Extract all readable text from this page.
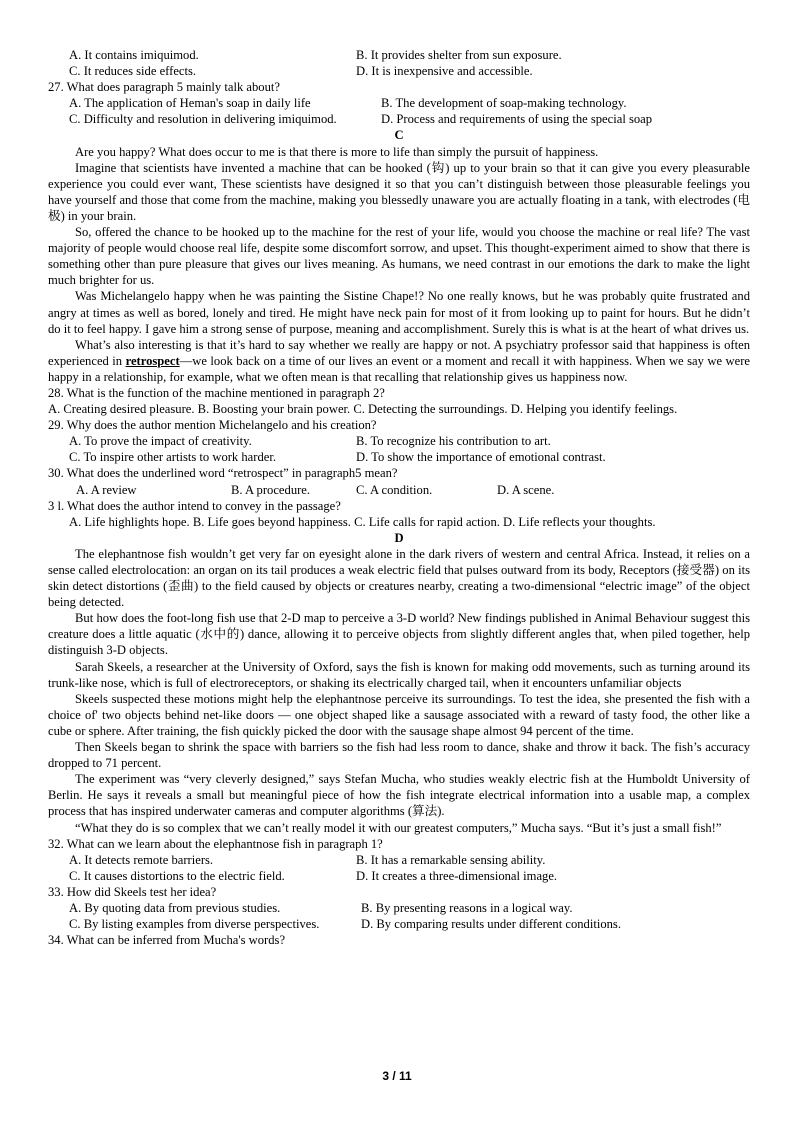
A. It contains imiquimod.	B. It provides shelter from sun exposure.
C. It reduces side effects.	D. It is inexpensive and accessible.
27. What does paragraph 5 mainly talk about?
A. The application of Heman's soap in daily life	B. The development of soap-making technology.
C. Difficulty and resolution in delivering imiquimod.	D. Process and requirements of using the special soap
C
Are you happy? What does occur to me is that there is more to life than simply the pursuit of happiness.
Imagine that scientists have invented a machine that can be hooked (钩) up to your brain so that it can give you every pleasurable experience you could ever want, These scientists have designed it so that you can’t distinguish between those pleasurable feelings you have yourself and those that come from the machine, making you blessedly unaware you are actually floating in a tank, with electrodes (电极) in your brain.
So, offered the chance to be hooked up to the machine for the rest of your life, would you choose the machine or real life? The vast majority of people would choose real life, despite some discomfort sorrow, and upset. This thought-experiment aimed to show that there is something other than pure pleasure that gives our lives meaning. As humans, we need contrast in our emotions the dark to make the light much brighter for us.
Was Michelangelo happy when he was painting the Sistine Chape!? No one really knows, but he was probably quite frustrated and angry at times as well as bored, lonely and tired. He might have neck pain for most of it from looking up to paint for hours. But he didn’t do it to feel happy. I gave him a strong sense of purpose, meaning and accomplishment. Surely this is what is at the heart of what drives us.
What’s also interesting is that it’s hard to say whether we really are happy or not. A psychiatry professor said that happiness is often experienced in retrospect—we look back on a time of our lives an event or a moment and recall it with happiness. When we say we were happy in a relationship, for example, what we often mean is that recalling that relationship gives us happiness now.
28. What is the function of the machine mentioned in paragraph 2?
A. Creating desired pleasure. B. Boosting your brain power. C. Detecting the surroundings. D. Helping you identify feelings.
29. Why does the author mention Michelangelo and his creation?
A. To prove the impact of creativity.	B. To recognize his contribution to art.
C. To inspire other artists to work harder.	D. To show the importance of emotional contrast.
30. What does the underlined word “retrospect” in paragraph5 mean?
A. A review	B. A procedure.	C. A condition.	D. A scene.
3 l. What does the author intend to convey in the passage?
A. Life highlights hope. B. Life goes beyond happiness. C. Life calls for rapid action. D. Life reflects your thoughts.
D
The elephantnose fish wouldn’t get very far on eyesight alone in the dark rivers of western and central Africa. Instead, it relies on a sense called electrolocation: an organ on its tail produces a weak electric field that pulses outward from its body, Receptors (接受器) on its skin detect distortions (歪曲) to the field caused by objects or creatures nearby, creating a two-dimensional “electric image” of the object being detected.
But how does the foot-long fish use that 2-D map to perceive a 3-D world? New findings published in Animal Behaviour suggest this creature does a little aquatic (水中的) dance, allowing it to perceive objects from slightly different angles that, when piled together, help distinguish 3-D objects.
Sarah Skeels, a researcher at the University of Oxford, says the fish is known for making odd movements, such as turning around its trunk-like nose, which is full of electroreceptors, or shaking its electrically charged tail, when it encounters unfamiliar objects
Skeels suspected these motions might help the elephantnose perceive its surroundings. To test the idea, she presented the fish with a choice of' two objects behind net-like doors — one object shaped like a sausage associated with a reward of tasty food, the other like a cube or sphere. After training, the fish quickly picked the door with the sausage shape almost 94 percent of the time.
Then Skeels began to shrink the space with barriers so the fish had less room to dance, shake and throw it back. The fish’s accuracy dropped to 71 percent.
The experiment was “very cleverly designed,” says Stefan Mucha, who studies weakly electric fish at the Humboldt University of Berlin. He says it reveals a small but meaningful piece of how the fish integrate electrical information into a usable map, a complex process that has inspired underwater cameras and computer algorithms (算法).
“What they do is so complex that we can’t really model it with our greatest computers,” Mucha says. “But it’s just a small fish!”
32. What can we learn about the elephantnose fish in paragraph 1?
A. It detects remote barriers.	B. It has a remarkable sensing ability.
C. It causes distortions to the electric field.	D. It creates a three-dimensional image.
33. How did Skeels test her idea?
A. By quoting data from previous studies.	B. By presenting reasons in a logical way.
C. By listing examples from diverse perspectives.	D. By comparing results under different conditions.
34. What can be inferred from Mucha's words?
3 / 11
